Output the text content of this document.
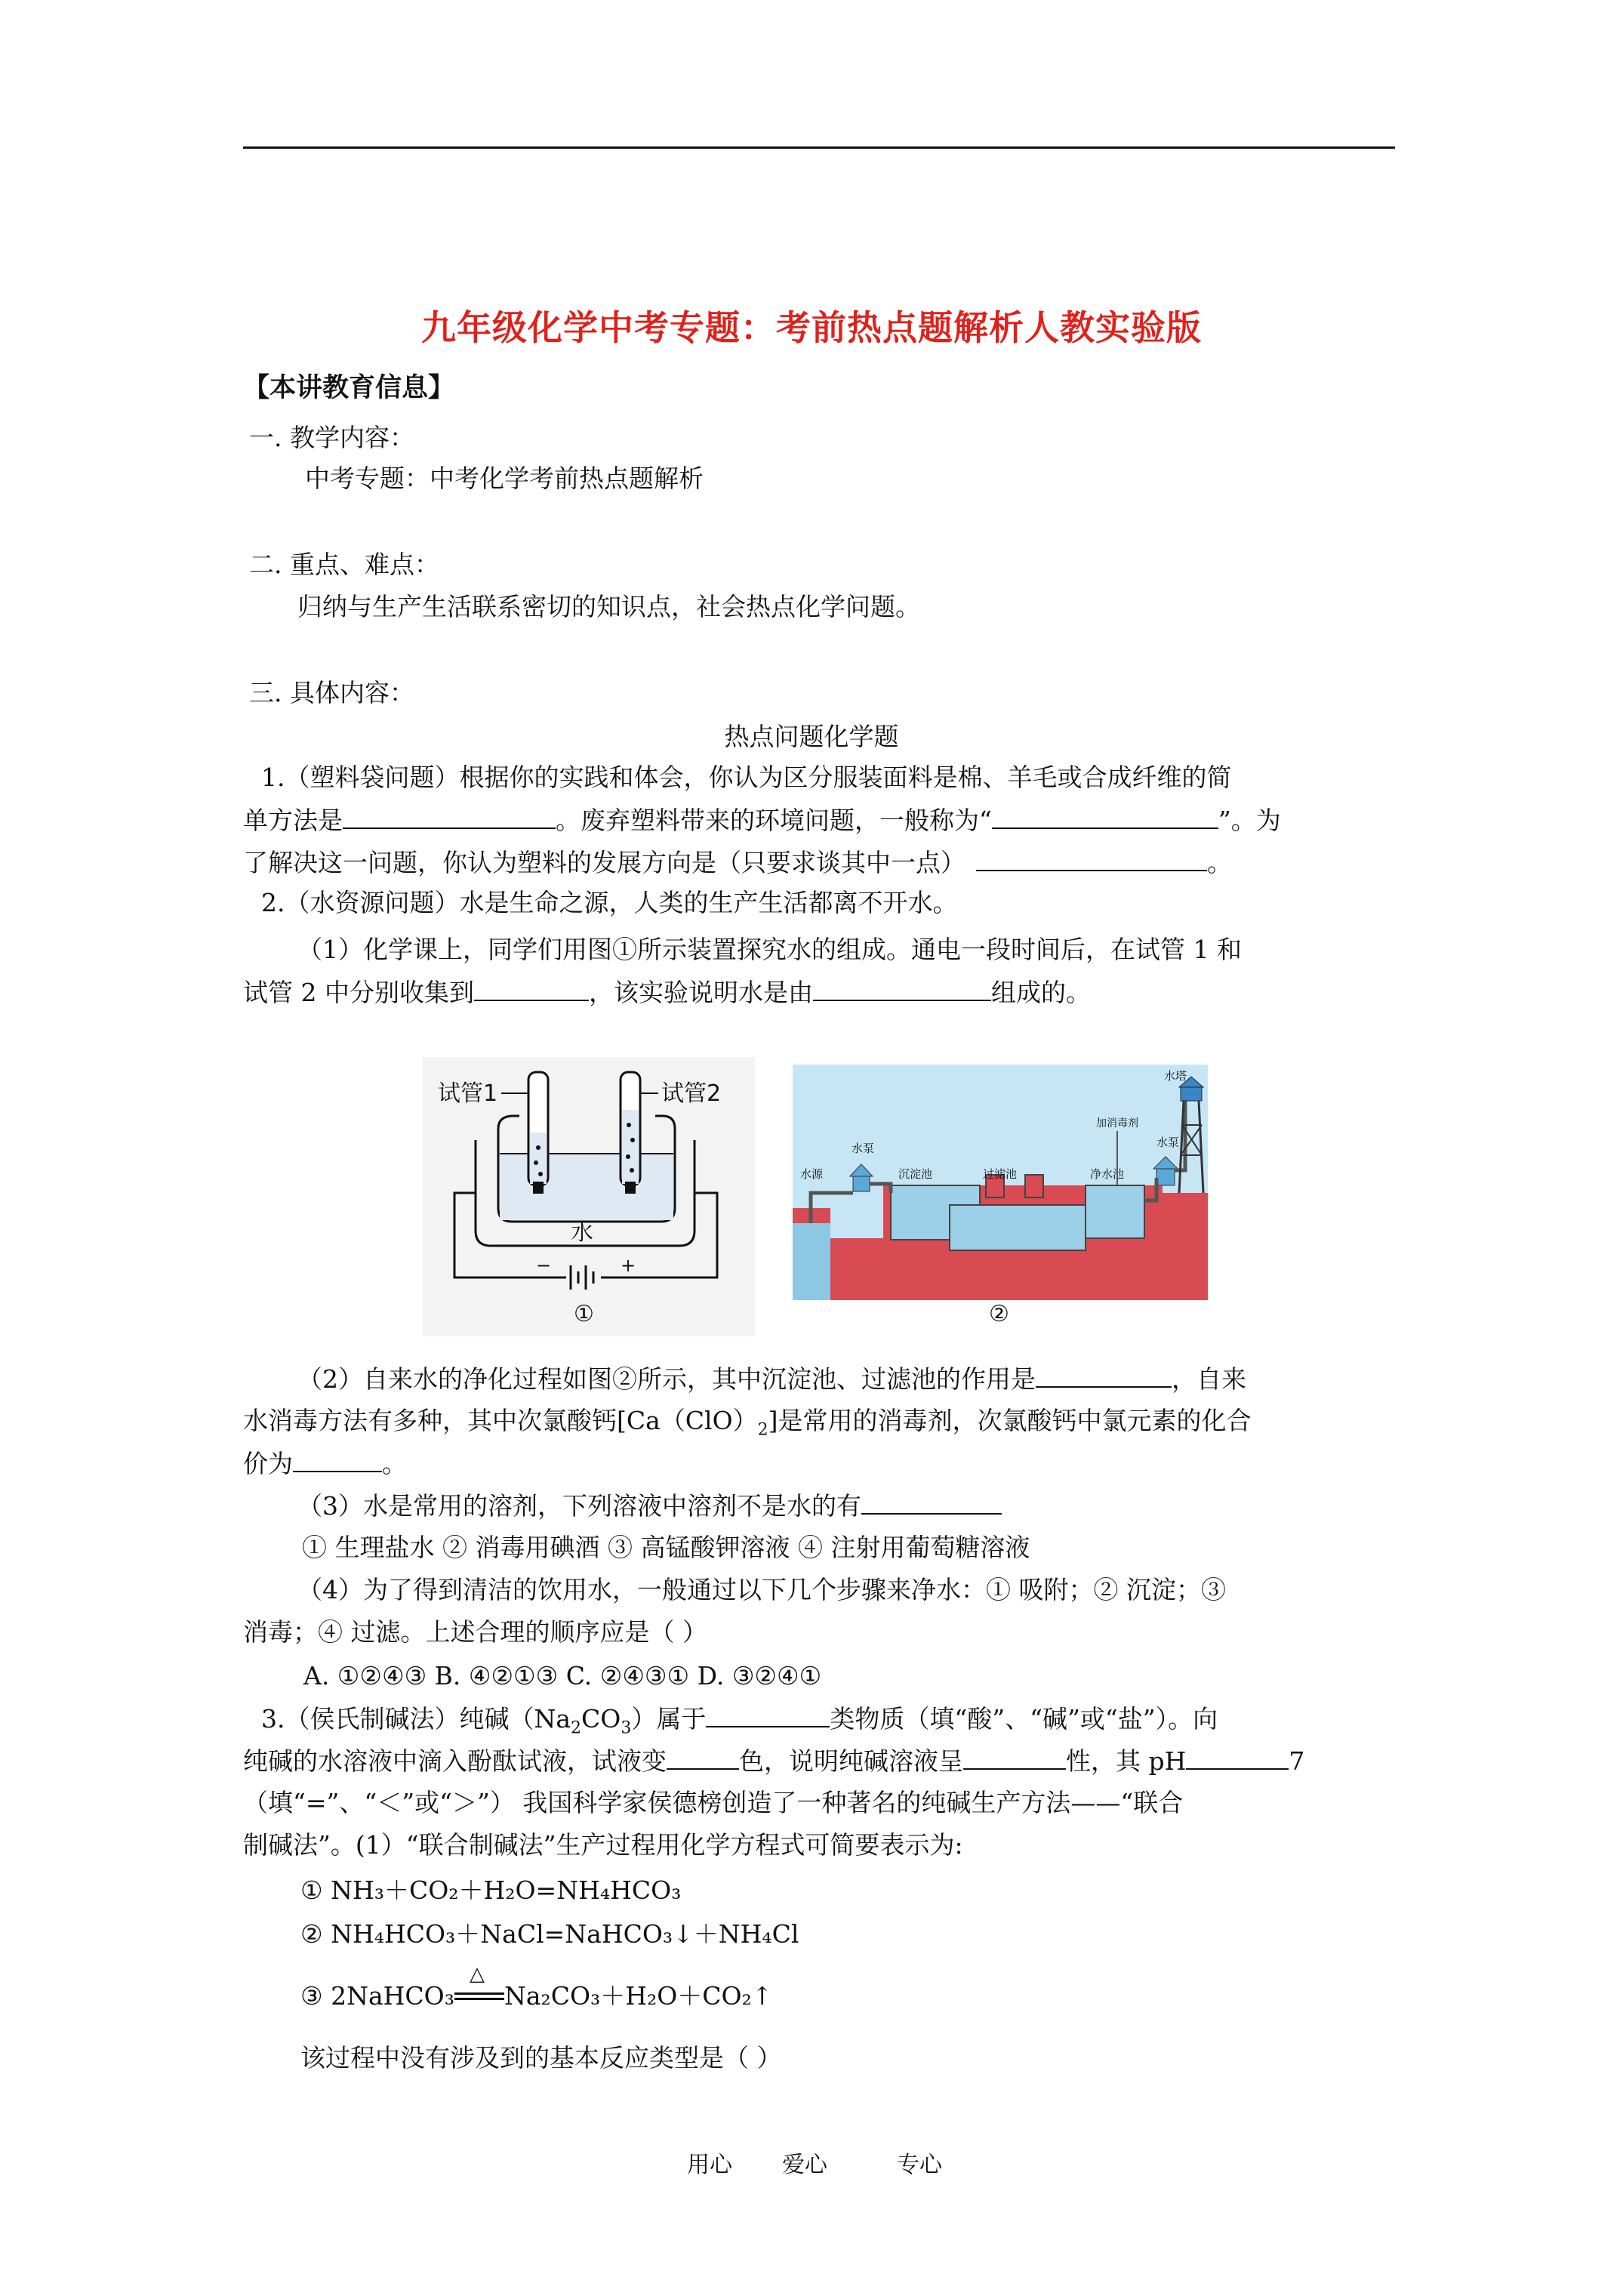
九年级化学中考专题：考前热点题解析人教实验版
【本讲教育信息】
一. 教学内容：
中考专题：中考化学考前热点题解析
二. 重点、难点：
归纳与生产生活联系密切的知识点，社会热点化学问题。
三. 具体内容：
热点问题化学题
1.（塑料袋问题）根据你的实践和体会，你认为区分服装面料是棉、羊毛或合成纤维的简
单方法是	。废弃塑料带来的环境问题，一般称为“	”。为
了解决这一问题，你认为塑料的发展方向是（只要求谈其中一点）	。
2.（水资源问题）水是生命之源，人类的生产生活都离不开水。
（1）化学课上，同学们用图①所示装置探究水的组成。通电一段时间后，在试管 1 和
试管 2 中分别收集到	，该实验说明水是由	组成的。
试管1	试管2
水
−	+
①
水塔
水泵	水泵
水源	沉淀池	过滤池	净水池
加消毒剂
②
（2）自来水的净化过程如图②所示，其中沉淀池、过滤池的作用是	，自来
水消毒方法有多种，其中次氯酸钙$[Ca(ClO)_2]$是常用的消毒剂，次氯酸钙中氯元素的化合
价为	。
（3）水是常用的溶剂，下列溶液中溶剂不是水的有
① 生理盐水 ② 消毒用碘酒 ③ 高锰酸钾溶液 ④ 注射用葡萄糖溶液
（4）为了得到清洁的饮用水，一般通过以下几个步骤来净水：① 吸附；② 沉淀；③
消毒；④ 过滤。上述合理的顺序应是（ ）
A. ①②④③ B. ④②①③ C. ②④③① D. ③②④①
3.（侯氏制碱法）纯碱$(Na_2CO_3)$属于	类物质（填“酸”、“碱”或“盐”）。向
纯碱的水溶液中滴入酚酞试液，试液变	色，说明纯碱溶液呈	性，其 pH	7
（填“=”、“＜”或“＞”） 我国科学家侯德榜创造了一种著名的纯碱生产方法——“联合
制碱法”。(1）“联合制碱法”生产过程用化学方程式可简要表示为:
① NH₃＋CO₂＋H₂O=NH₄HCO₃
② NH₄HCO₃＋NaCl=NaHCO₃↓＋NH₄Cl
③ 2NaHCO₃
△
Na₂CO₃＋H₂O＋CO₂↑
该过程中没有涉及到的基本反应类型是（ ）
用心 爱心	专心
